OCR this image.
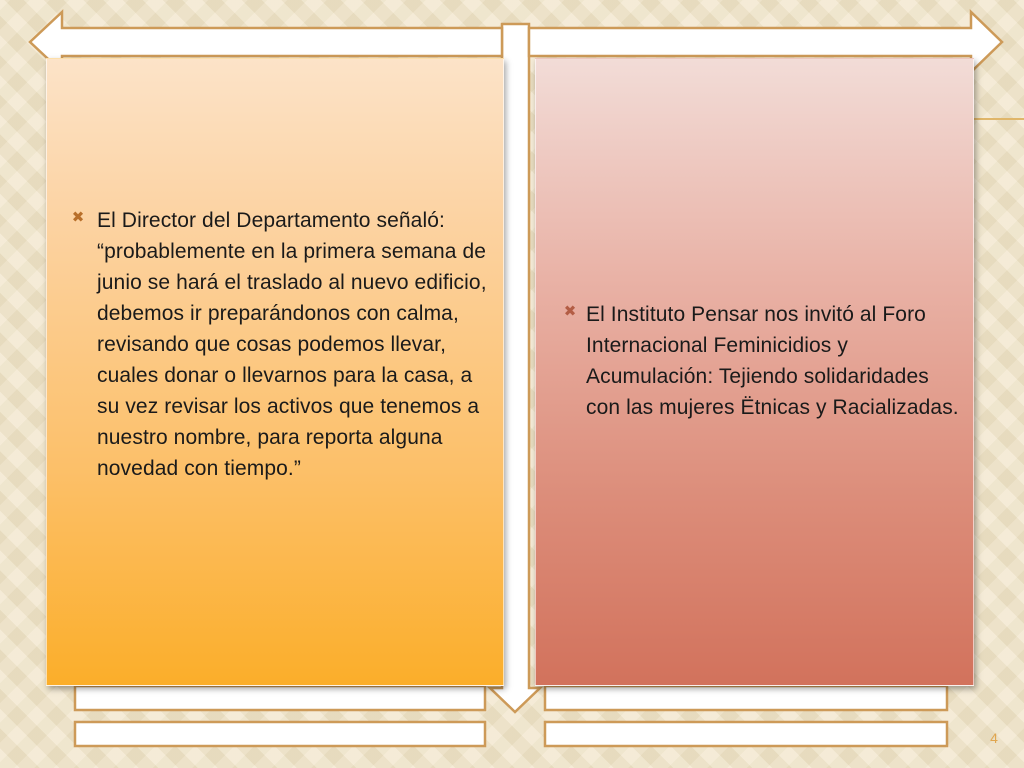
✖ El Director del Departamento señaló: “probablemente en la primera semana de junio se hará el traslado al nuevo edificio, debemos ir preparándonos con calma, revisando que cosas podemos llevar, cuales donar o llevarnos para la casa, a su vez revisar los activos que tenemos a nuestro nombre, para reporta alguna novedad con tiempo.”
✖ El Instituto Pensar nos invitó al Foro Internacional Feminicidios y Acumulación: Tejiendo solidaridades con las mujeres Ëtnicas y Racializadas.
4
